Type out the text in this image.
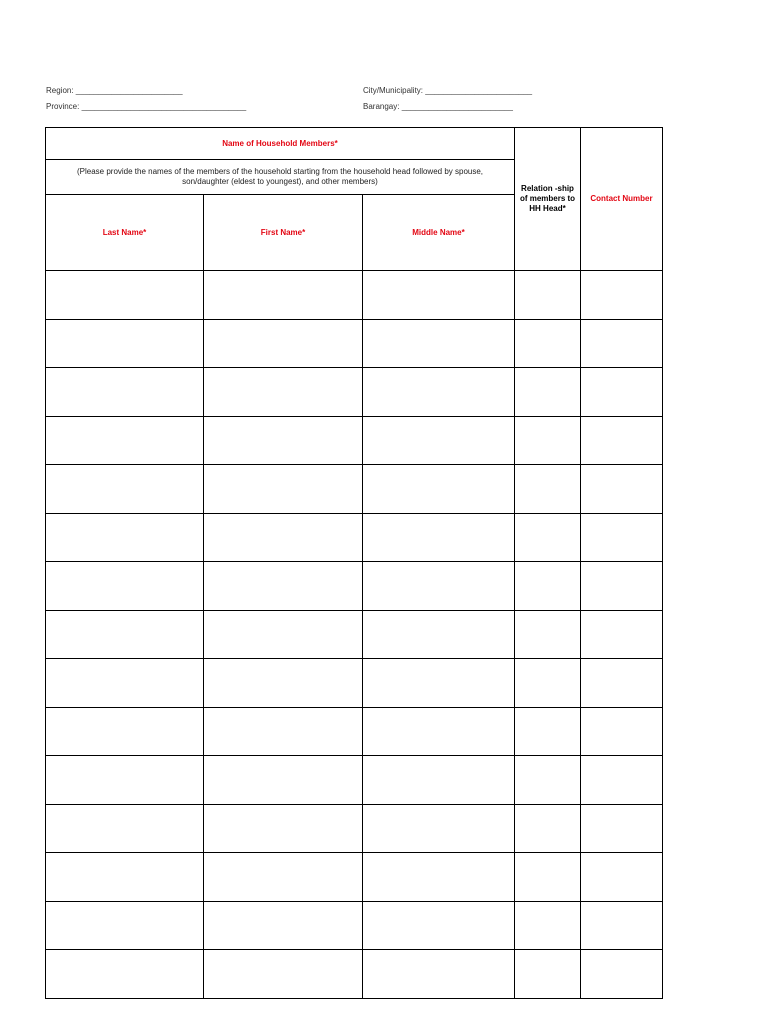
Region: ________________________
Province: _____________________________________
City/Municipality: ________________________
Barangay: _________________________
Name of Household Members*			Relation -ship of members to HH Head*	Contact Number
(Please provide the names of the members of the household starting from the household head followed by spouse, son/daughter (eldest to youngest), and other members)				
Last Name*	First Name*	Middle Name*		
